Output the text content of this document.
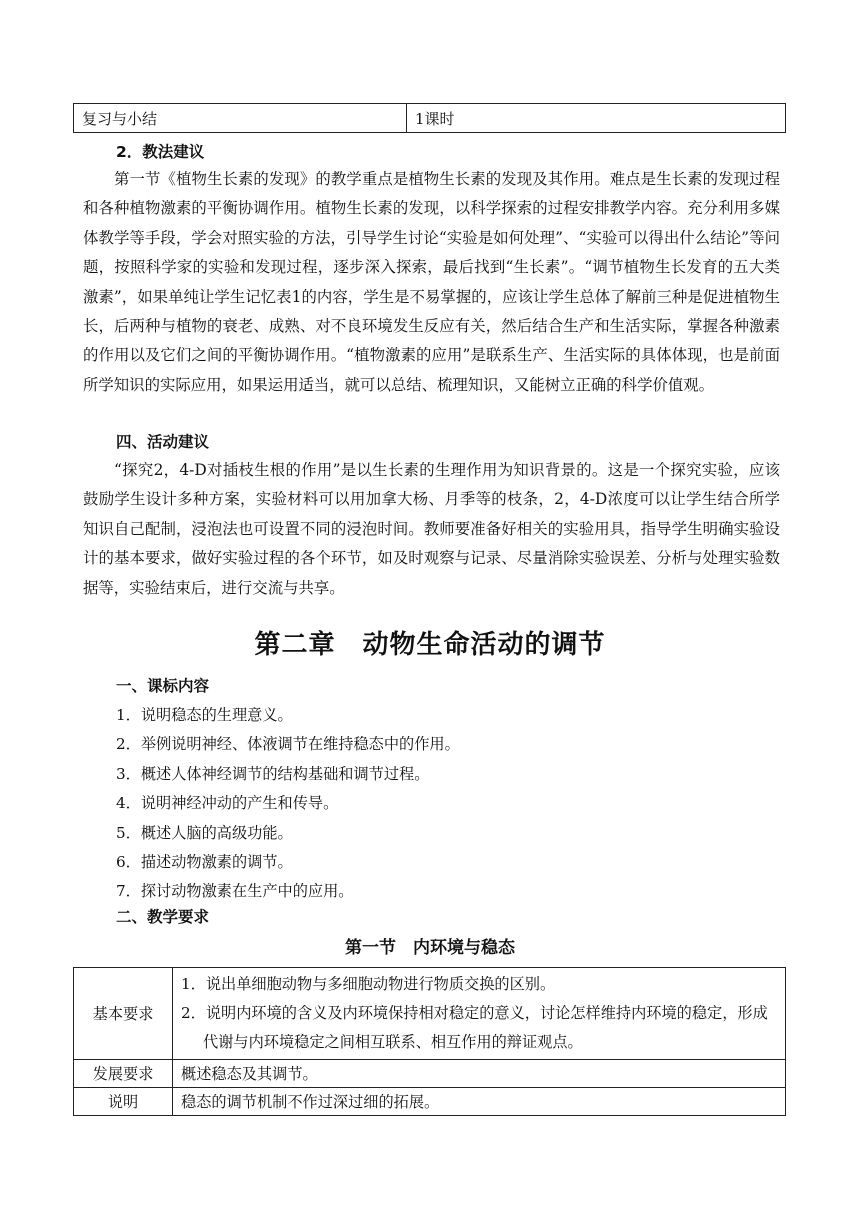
复习与小结	1课时
2．教法建议

第一节《植物生长素的发现》的教学重点是植物生长素的发现及其作用。难点是生长素的发现过程和各种植物激素的平衡协调作用。植物生长素的发现，以科学探索的过程安排教学内容。充分利用多媒体教学等手段，学会对照实验的方法，引导学生讨论“实验是如何处理”、“实验可以得出什么结论”等问题，按照科学家的实验和发现过程，逐步深入探索，最后找到“生长素”。“调节植物生长发育的五大类激素”，如果单纯让学生记忆表1的内容，学生是不易掌握的，应该让学生总体了解前三种是促进植物生长，后两种与植物的衰老、成熟、对不良环境发生反应有关，然后结合生产和生活实际，掌握各种激素的作用以及它们之间的平衡协调作用。“植物激素的应用”是联系生产、生活实际的具体体现，也是前面所学知识的实际应用，如果运用适当，就可以总结、梳理知识，又能树立正确的科学价值观。

四、活动建议

“探究2，4-D对插枝生根的作用”是以生长素的生理作用为知识背景的。这是一个探究实验，应该鼓励学生设计多种方案，实验材料可以用加拿大杨、月季等的枝条，2，4-D浓度可以让学生结合所学知识自己配制，浸泡法也可设置不同的浸泡时间。教师要准备好相关的实验用具，指导学生明确实验设计的基本要求，做好实验过程的各个环节，如及时观察与记录、尽量消除实验误差、分析与处理实验数据等，实验结束后，进行交流与共享。

第二章　动物生命活动的调节
一、课标内容
1．说明稳态的生理意义。
2．举例说明神经、体液调节在维持稳态中的作用。
3．概述人体神经调节的结构基础和调节过程。
4．说明神经冲动的产生和传导。
5．概述人脑的高级功能。
6．描述动物激素的调节。
7．探讨动物激素在生产中的应用。
二、教学要求
第一节　内环境与稳态
基本要求	1．说出单细胞动物与多细胞动物进行物质交换的区别。
2．说明内环境的含义及内环境保持相对稳定的意义，讨论怎样维持内环境的稳定，形成代谢与内环境稳定之间相互联系、相互作用的辩证观点。

发展要求	概述稳态及其调节。
说明	稳态的调节机制不作过深过细的拓展。
